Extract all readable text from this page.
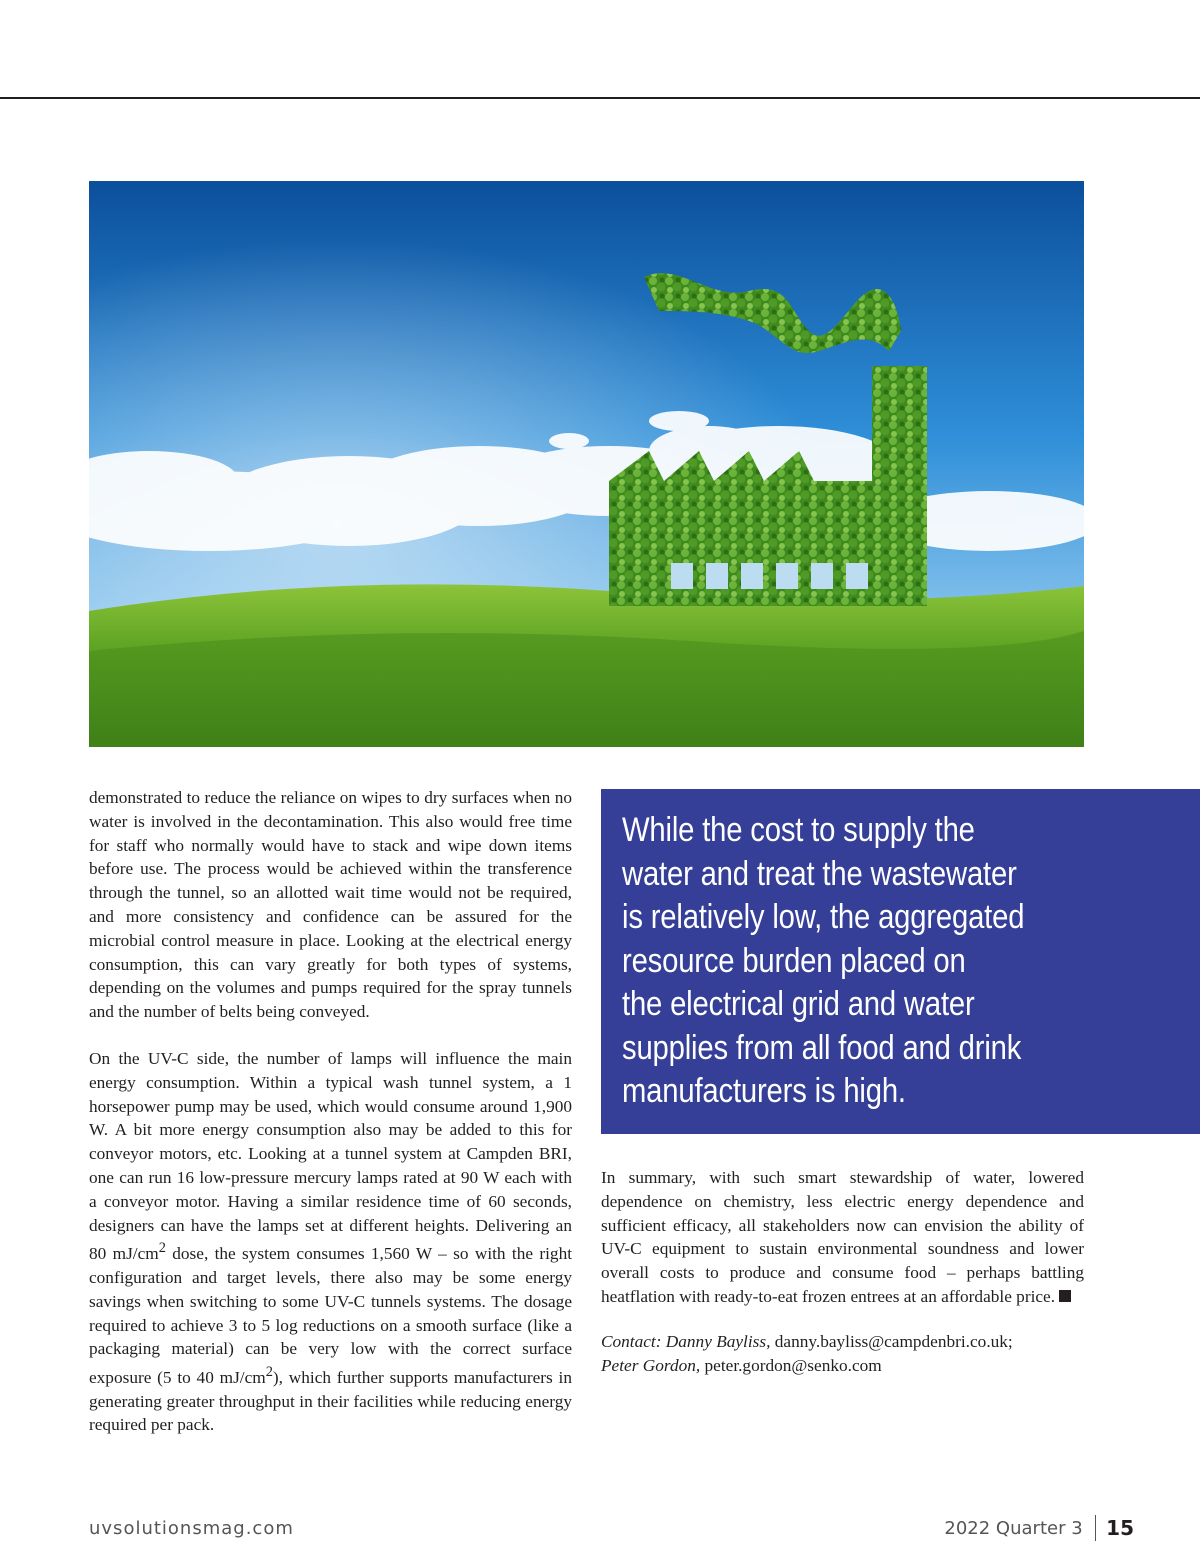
demonstrated to reduce the reliance on wipes to dry surfaces when no water is involved in the decontamination. This also would free time for staff who normally would have to stack and wipe down items before use. The process would be achieved within the transference through the tunnel, so an allotted wait time would not be required, and more consistency and confidence can be assured for the microbial control measure in place. Looking at the electrical energy consumption, this can vary greatly for both types of systems, depending on the volumes and pumps required for the spray tunnels and the number of belts being conveyed.

On the UV-C side, the number of lamps will influence the main energy consumption. Within a typical wash tunnel system, a 1 horsepower pump may be used, which would consume around 1,900 W. A bit more energy consumption also may be added to this for conveyor motors, etc. Looking at a tunnel system at Campden BRI, one can run 16 low-pressure mercury lamps rated at 90 W each with a conveyor motor. Having a similar residence time of 60 seconds, designers can have the lamps set at different heights. Delivering an 80 $mJ/cm^2$ dose, the system consumes 1,560 W – so with the right configuration and target levels, there also may be some energy savings when switching to some UV-C tunnels systems. The dosage required to achieve 3 to 5 log reductions on a smooth surface (like a packaging material) can be very low with the correct surface exposure (5 to 40 $mJ/cm^2$), which further supports manufacturers in generating greater throughput in their facilities while reducing energy required per pack.

While the cost to supply the
water and treat the wastewater
is relatively low, the aggregated
resource burden placed on
the electrical grid and water
supplies from all food and drink
manufacturers is high.

In summary, with such smart stewardship of water, lowered dependence on chemistry, less electric energy dependence and sufficient efficacy, all stakeholders now can envision the ability of UV-C equipment to sustain environmental soundness and lower overall costs to produce and consume food – perhaps battling heatflation with ready-to-eat frozen entrees at an affordable price.

Contact: Danny Bayliss, danny.bayliss@campdenbri.co.uk;
Peter Gordon, peter.gordon@senko.com

uvsolutionsmag.com	2022 Quarter 3 15
